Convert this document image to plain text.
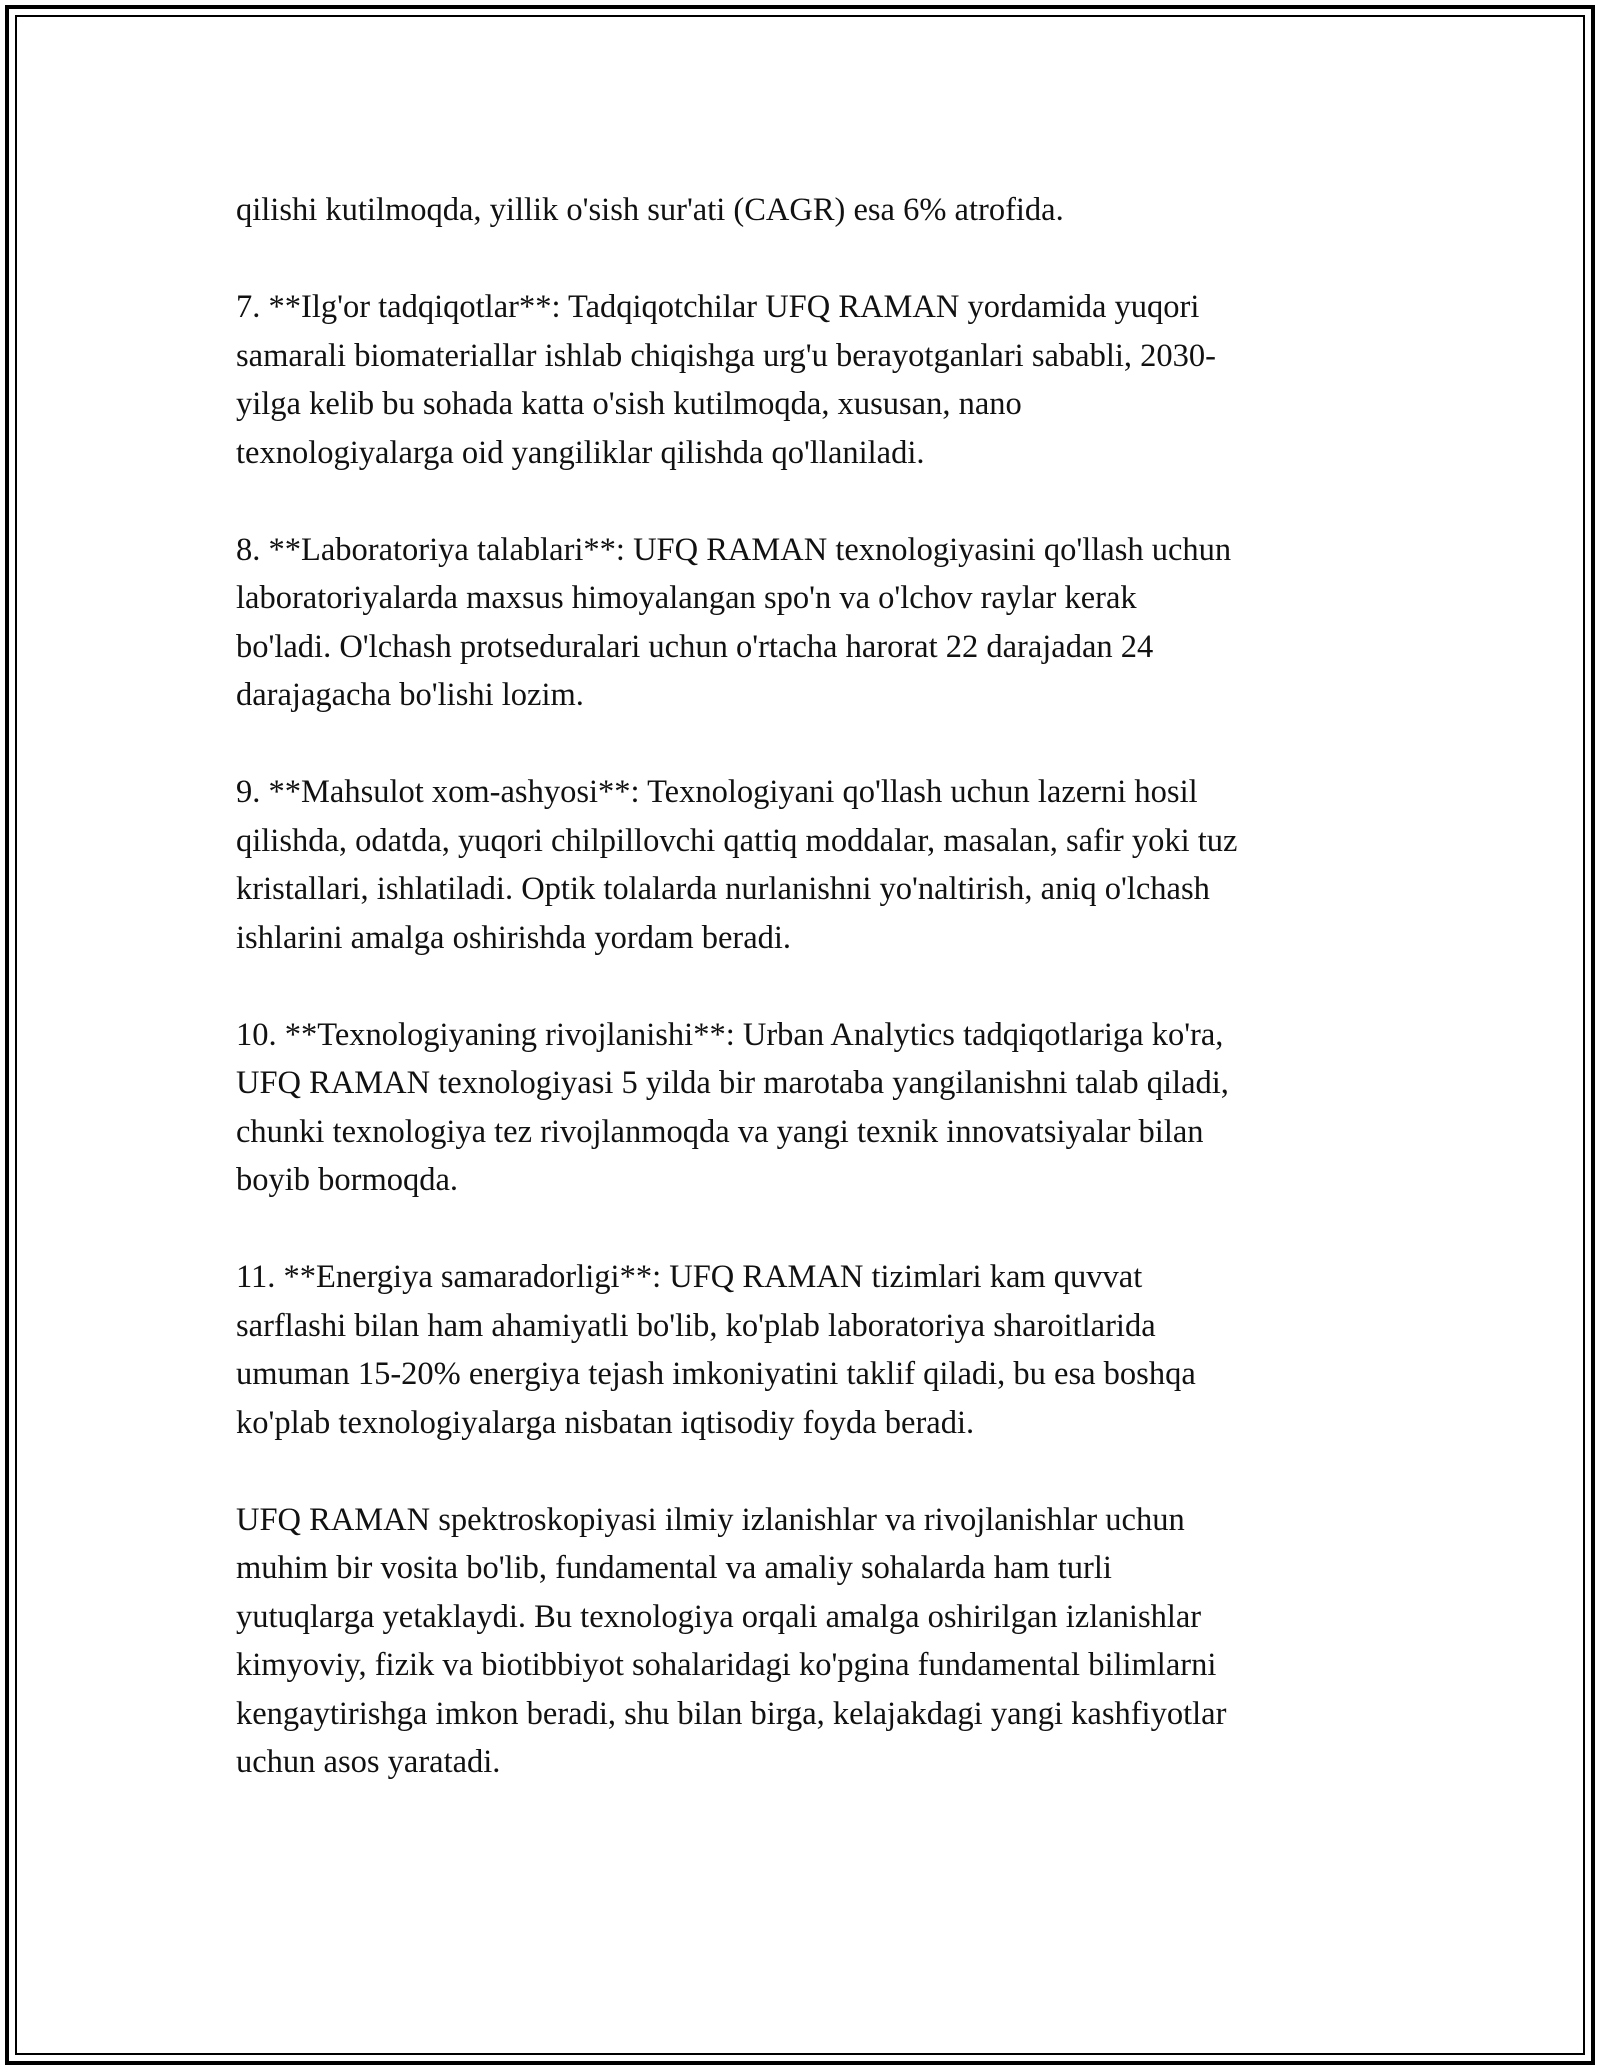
qilishi kutilmoqda, yillik o'sish sur'ati (CAGR) esa 6% atrofida.

7. **Ilg'or tadqiqotlar**: Tadqiqotchilar UFQ RAMAN yordamida yuqori
samarali biomateriallar ishlab chiqishga urg'u berayotganlari sababli, 2030-
yilga kelib bu sohada katta o'sish kutilmoqda, xususan, nano
texnologiyalarga oid yangiliklar qilishda qo'llaniladi.

8. **Laboratoriya talablari**: UFQ RAMAN texnologiyasini qo'llash uchun
laboratoriyalarda maxsus himoyalangan spo'n va o'lchov raylar kerak
bo'ladi. O'lchash protseduralari uchun o'rtacha harorat 22 darajadan 24
darajagacha bo'lishi lozim.

9. **Mahsulot xom-ashyosi**: Texnologiyani qo'llash uchun lazerni hosil
qilishda, odatda, yuqori chilpillovchi qattiq moddalar, masalan, safir yoki tuz
kristallari, ishlatiladi. Optik tolalarda nurlanishni yo'naltirish, aniq o'lchash
ishlarini amalga oshirishda yordam beradi.

10. **Texnologiyaning rivojlanishi**: Urban Analytics tadqiqotlariga ko'ra,
UFQ RAMAN texnologiyasi 5 yilda bir marotaba yangilanishni talab qiladi,
chunki texnologiya tez rivojlanmoqda va yangi texnik innovatsiyalar bilan
boyib bormoqda.

11. **Energiya samaradorligi**: UFQ RAMAN tizimlari kam quvvat
sarflashi bilan ham ahamiyatli bo'lib, ko'plab laboratoriya sharoitlarida
umuman 15-20% energiya tejash imkoniyatini taklif qiladi, bu esa boshqa
ko'plab texnologiyalarga nisbatan iqtisodiy foyda beradi.

UFQ RAMAN spektroskopiyasi ilmiy izlanishlar va rivojlanishlar uchun
muhim bir vosita bo'lib, fundamental va amaliy sohalarda ham turli
yutuqlarga yetaklaydi. Bu texnologiya orqali amalga oshirilgan izlanishlar
kimyoviy, fizik va biotibbiyot sohalaridagi ko'pgina fundamental bilimlarni
kengaytirishga imkon beradi, shu bilan birga, kelajakdagi yangi kashfiyotlar
uchun asos yaratadi.
